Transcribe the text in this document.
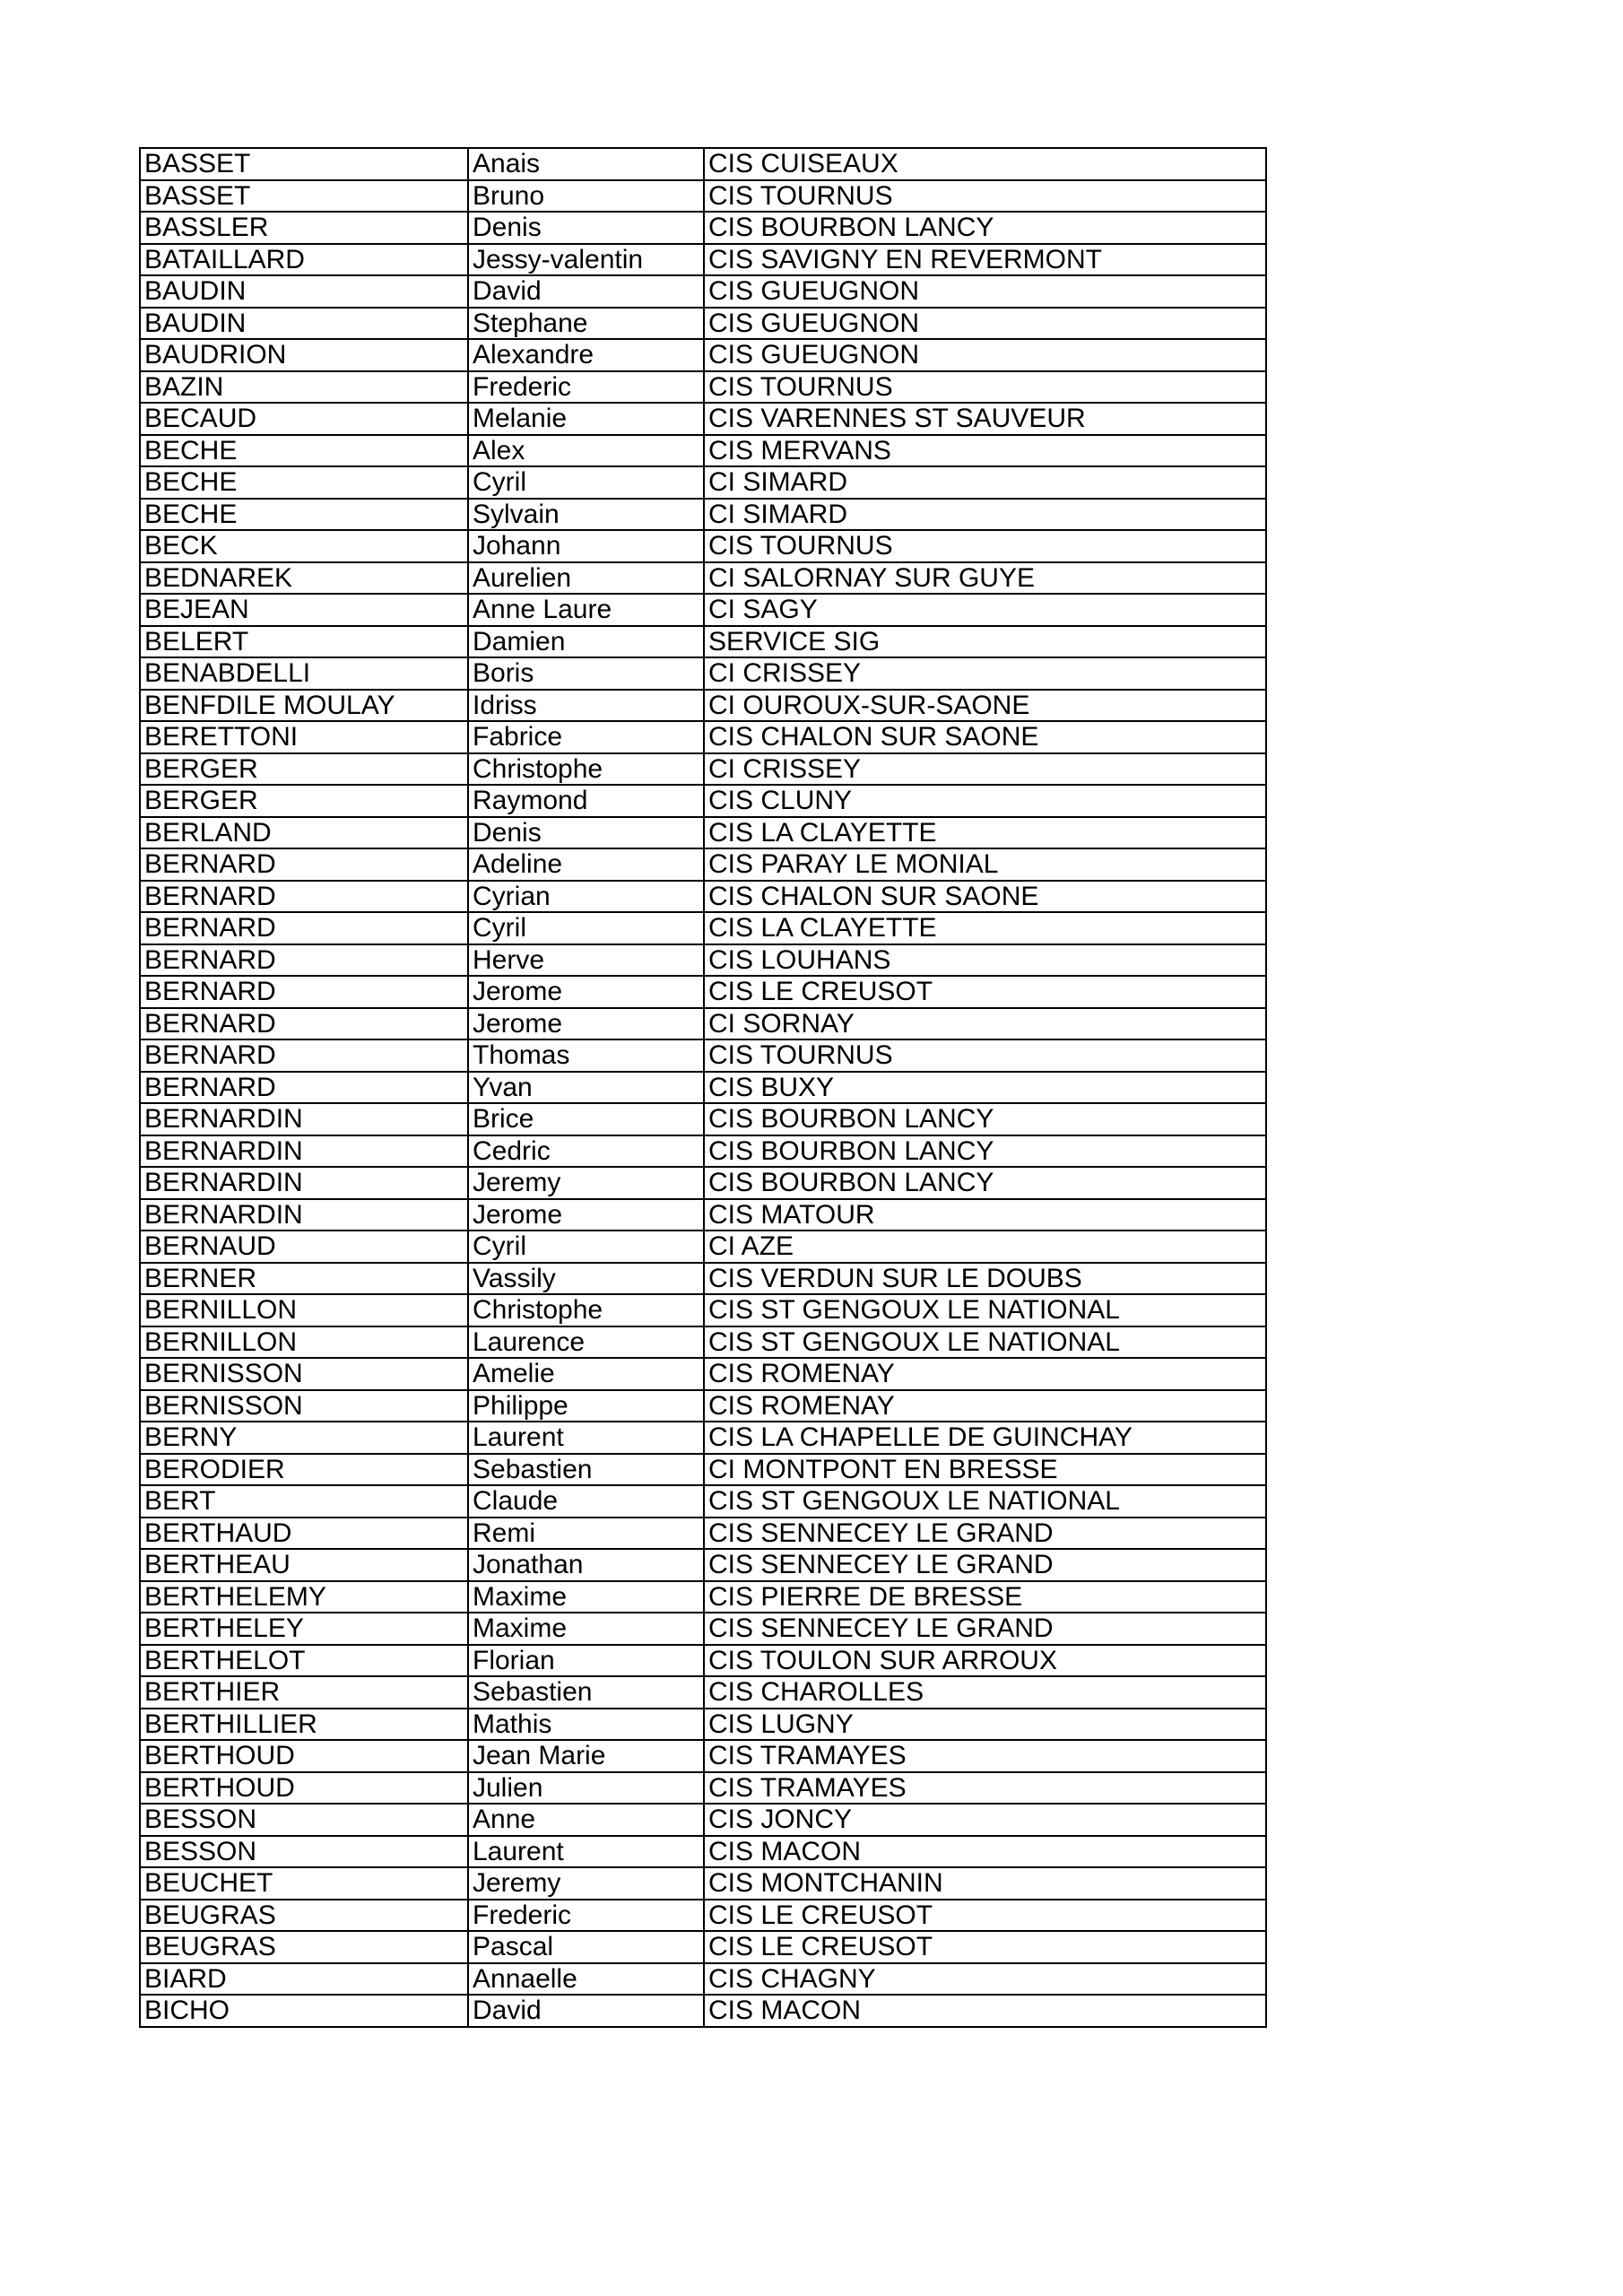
BASSET	Anais	CIS CUISEAUX
BASSET	Bruno	CIS TOURNUS
BASSLER	Denis	CIS BOURBON LANCY
BATAILLARD	Jessy-valentin	CIS SAVIGNY EN REVERMONT
BAUDIN	David	CIS GUEUGNON
BAUDIN	Stephane	CIS GUEUGNON
BAUDRION	Alexandre	CIS GUEUGNON
BAZIN	Frederic	CIS TOURNUS
BECAUD	Melanie	CIS VARENNES ST SAUVEUR
BECHE	Alex	CIS MERVANS
BECHE	Cyril	CI SIMARD
BECHE	Sylvain	CI SIMARD
BECK	Johann	CIS TOURNUS
BEDNAREK	Aurelien	CI SALORNAY SUR GUYE
BEJEAN	Anne Laure	CI SAGY
BELERT	Damien	SERVICE SIG
BENABDELLI	Boris	CI CRISSEY
BENFDILE MOULAY	Idriss	CI OUROUX-SUR-SAONE
BERETTONI	Fabrice	CIS CHALON SUR SAONE
BERGER	Christophe	CI CRISSEY
BERGER	Raymond	CIS CLUNY
BERLAND	Denis	CIS LA CLAYETTE
BERNARD	Adeline	CIS PARAY LE MONIAL
BERNARD	Cyrian	CIS CHALON SUR SAONE
BERNARD	Cyril	CIS LA CLAYETTE
BERNARD	Herve	CIS LOUHANS
BERNARD	Jerome	CIS LE CREUSOT
BERNARD	Jerome	CI SORNAY
BERNARD	Thomas	CIS TOURNUS
BERNARD	Yvan	CIS BUXY
BERNARDIN	Brice	CIS BOURBON LANCY
BERNARDIN	Cedric	CIS BOURBON LANCY
BERNARDIN	Jeremy	CIS BOURBON LANCY
BERNARDIN	Jerome	CIS MATOUR
BERNAUD	Cyril	CI AZE
BERNER	Vassily	CIS VERDUN SUR LE DOUBS
BERNILLON	Christophe	CIS ST GENGOUX LE NATIONAL
BERNILLON	Laurence	CIS ST GENGOUX LE NATIONAL
BERNISSON	Amelie	CIS ROMENAY
BERNISSON	Philippe	CIS ROMENAY
BERNY	Laurent	CIS LA CHAPELLE DE GUINCHAY
BERODIER	Sebastien	CI MONTPONT EN BRESSE
BERT	Claude	CIS ST GENGOUX LE NATIONAL
BERTHAUD	Remi	CIS SENNECEY LE GRAND
BERTHEAU	Jonathan	CIS SENNECEY LE GRAND
BERTHELEMY	Maxime	CIS PIERRE DE BRESSE
BERTHELEY	Maxime	CIS SENNECEY LE GRAND
BERTHELOT	Florian	CIS TOULON SUR ARROUX
BERTHIER	Sebastien	CIS CHAROLLES
BERTHILLIER	Mathis	CIS LUGNY
BERTHOUD	Jean Marie	CIS TRAMAYES
BERTHOUD	Julien	CIS TRAMAYES
BESSON	Anne	CIS JONCY
BESSON	Laurent	CIS MACON
BEUCHET	Jeremy	CIS MONTCHANIN
BEUGRAS	Frederic	CIS LE CREUSOT
BEUGRAS	Pascal	CIS LE CREUSOT
BIARD	Annaelle	CIS CHAGNY
BICHO	David	CIS MACON
